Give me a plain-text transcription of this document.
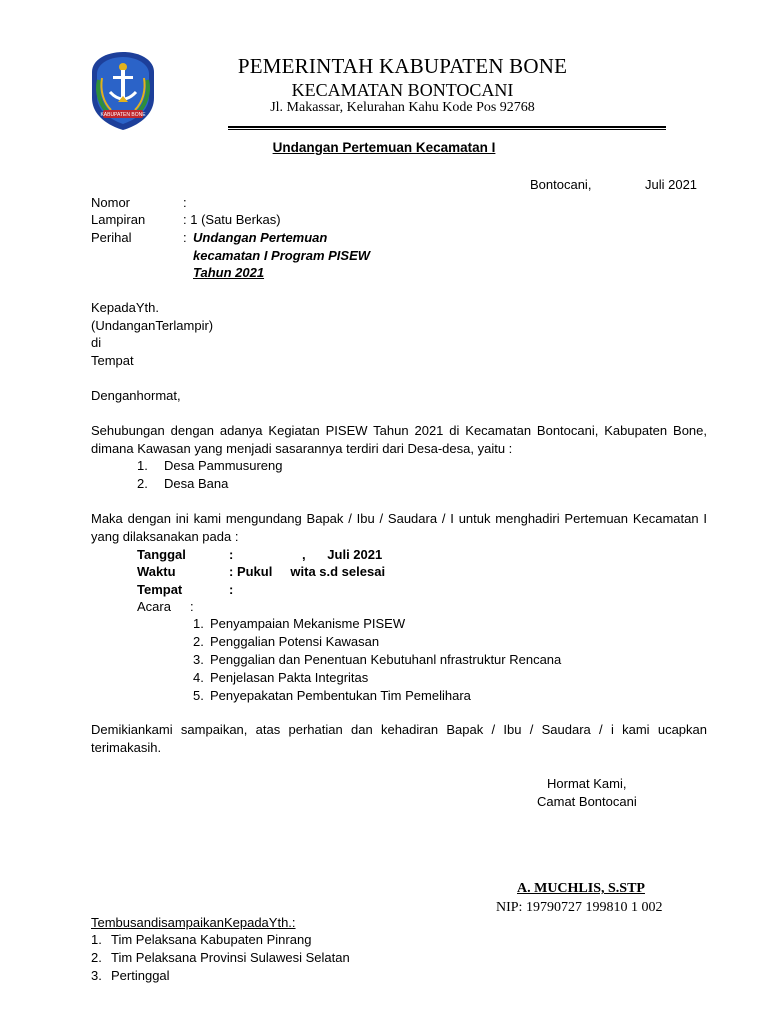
KABUPATEN BONE
PEMERINTAH KABUPATEN BONE
KECAMATAN BONTOCANI
Jl. Makassar, Kelurahan Kahu Kode Pos 92768
Undangan Pertemuan Kecamatan I
Bontocani,	Juli 2021
Nomor	:
Lampiran	: 1 (Satu Berkas)
Perihal	: Undangan Pertemuan
kecamatan I Program PISEW
Tahun 2021
KepadaYth.
(UndanganTerlampir)
di
Tempat
Denganhormat,
Sehubungan dengan adanya Kegiatan PISEW Tahun 2021 di Kecamatan Bontocani, Kabupaten Bone, dimana Kawasan yang menjadi sasarannya terdiri dari Desa-desa, yaitu :
1.	Desa Pammusureng
2.	Desa Bana
Maka dengan ini kami mengundang Bapak / Ibu / Saudara / I untuk menghadiri Pertemuan Kecamatan I yang dilaksanakan pada :
Tanggal	:	,      Juli 2021
Waktu	: Pukul     wita s.d selesai
Tempat	:
Acara :
1. Penyampaian Mekanisme PISEW
2. Penggalian Potensi Kawasan
3. Penggalian dan Penentuan Kebutuhanl nfrastruktur Rencana
4. Penjelasan Pakta Integritas
5. Penyepakatan Pembentukan Tim Pemelihara
Demikiankami sampaikan, atas perhatian dan kehadiran Bapak / Ibu / Saudara / i kami ucapkan terimakasih.
Hormat Kami,
Camat Bontocani
A. MUCHLIS, S.STP
NIP: 19790727 199810 1 002
TembusandisampaikanKepadaYth.:
1. Tim Pelaksana Kabupaten Pinrang
2. Tim Pelaksana Provinsi Sulawesi Selatan
3. Pertinggal
